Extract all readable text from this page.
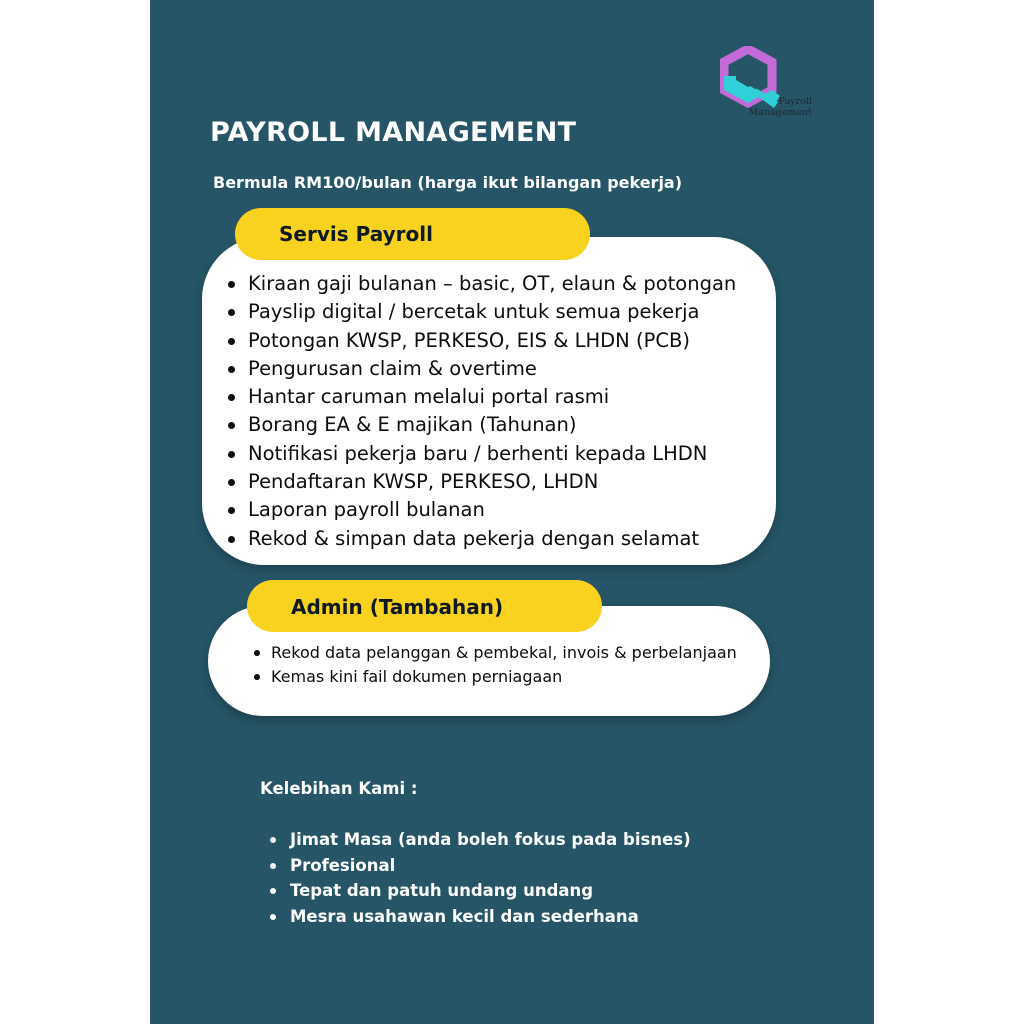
Payroll
Management
PAYROLL MANAGEMENT
Bermula RM100/bulan (harga ikut bilangan pekerja)
Servis Payroll
Kiraan gaji bulanan – basic, OT, elaun & potongan
Payslip digital / bercetak untuk semua pekerja
Potongan KWSP, PERKESO, EIS & LHDN (PCB)
Pengurusan claim & overtime
Hantar caruman melalui portal rasmi
Borang EA & E majikan (Tahunan)
Notifikasi pekerja baru / berhenti kepada LHDN
Pendaftaran KWSP, PERKESO, LHDN
Laporan payroll bulanan
Rekod & simpan data pekerja dengan selamat
Admin (Tambahan)
Rekod data pelanggan & pembekal, invois & perbelanjaan
Kemas kini fail dokumen perniagaan
Kelebihan Kami :
Jimat Masa (anda boleh fokus pada bisnes)
Profesional
Tepat dan patuh undang undang
Mesra usahawan kecil dan sederhana
